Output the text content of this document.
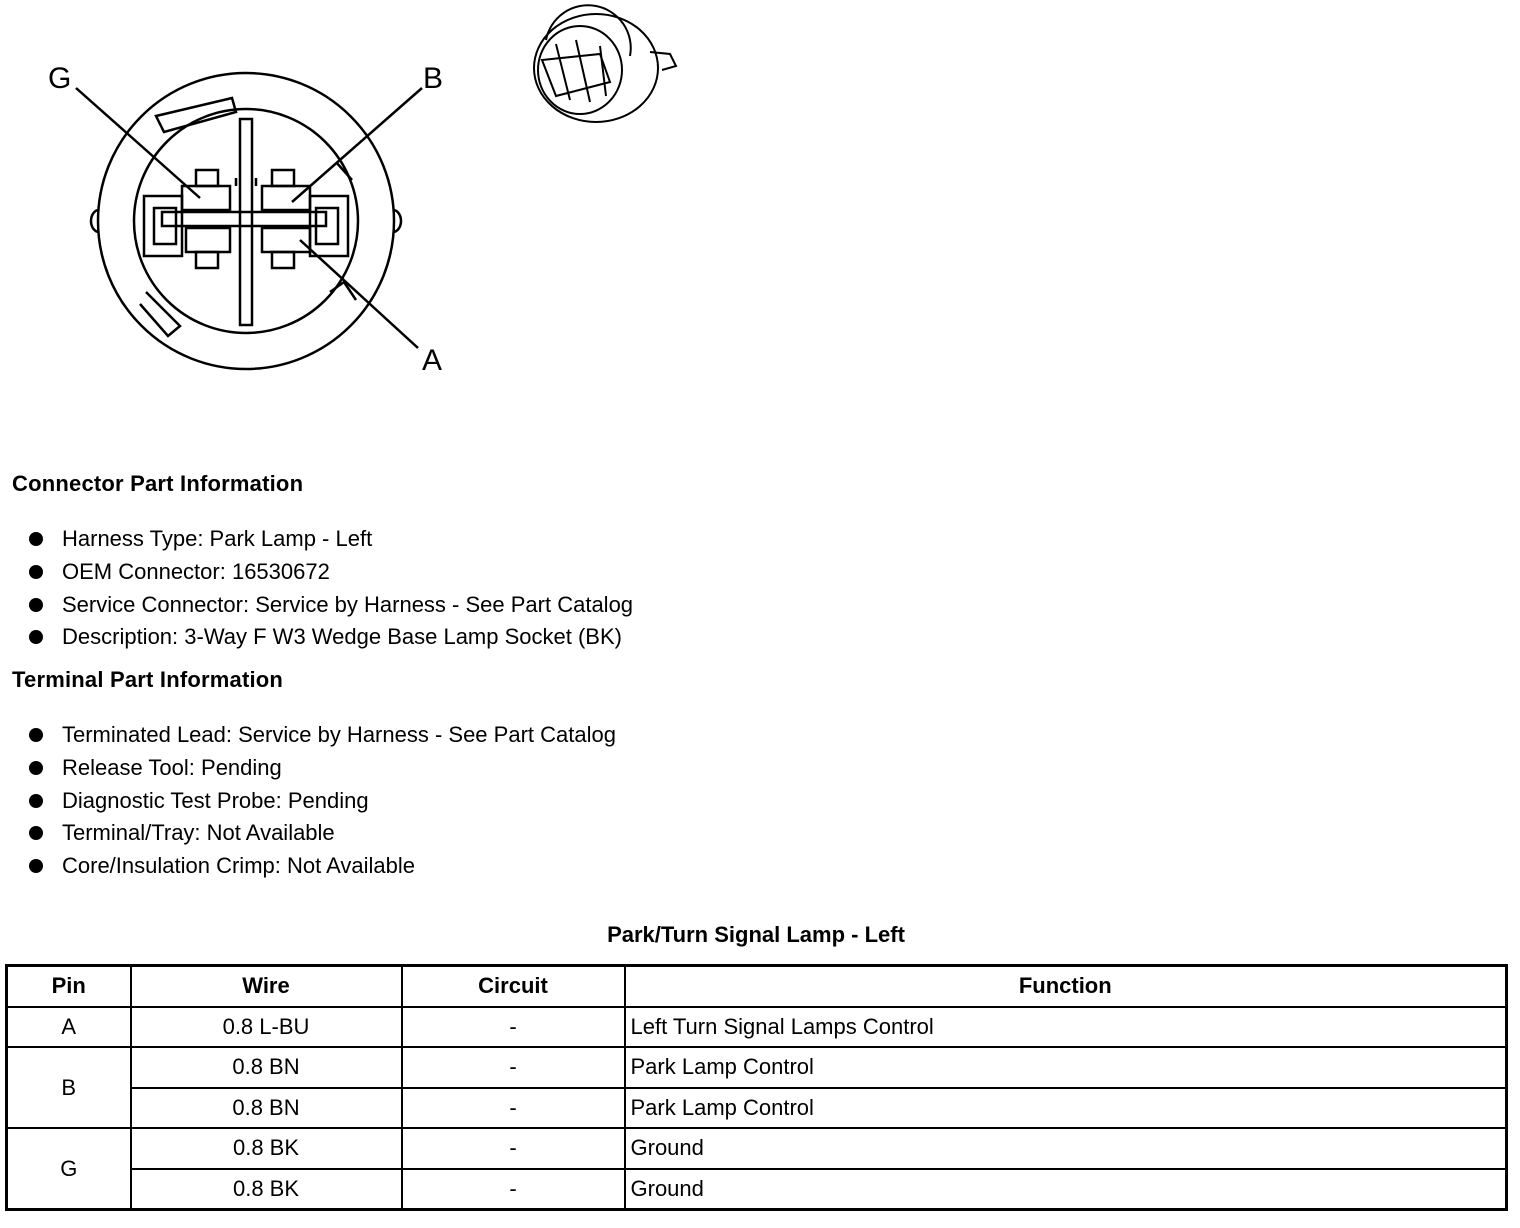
G	B
A
Connector Part Information
Harness Type: Park Lamp - Left
OEM Connector: 16530672
Service Connector: Service by Harness - See Part Catalog
Description: 3-Way F W3 Wedge Base Lamp Socket (BK)
Terminal Part Information
Terminated Lead: Service by Harness - See Part Catalog
Release Tool: Pending
Diagnostic Test Probe: Pending
Terminal/Tray: Not Available
Core/Insulation Crimp: Not Available
Park/Turn Signal Lamp - Left
Pin	Wire	Circuit	Function
A	0.8 L-BU	-	Left Turn Signal Lamps Control
B	0.8 BN	-	Park Lamp Control
	0.8 BN	-	Park Lamp Control
G	0.8 BK	-	Ground
	0.8 BK	-	Ground
